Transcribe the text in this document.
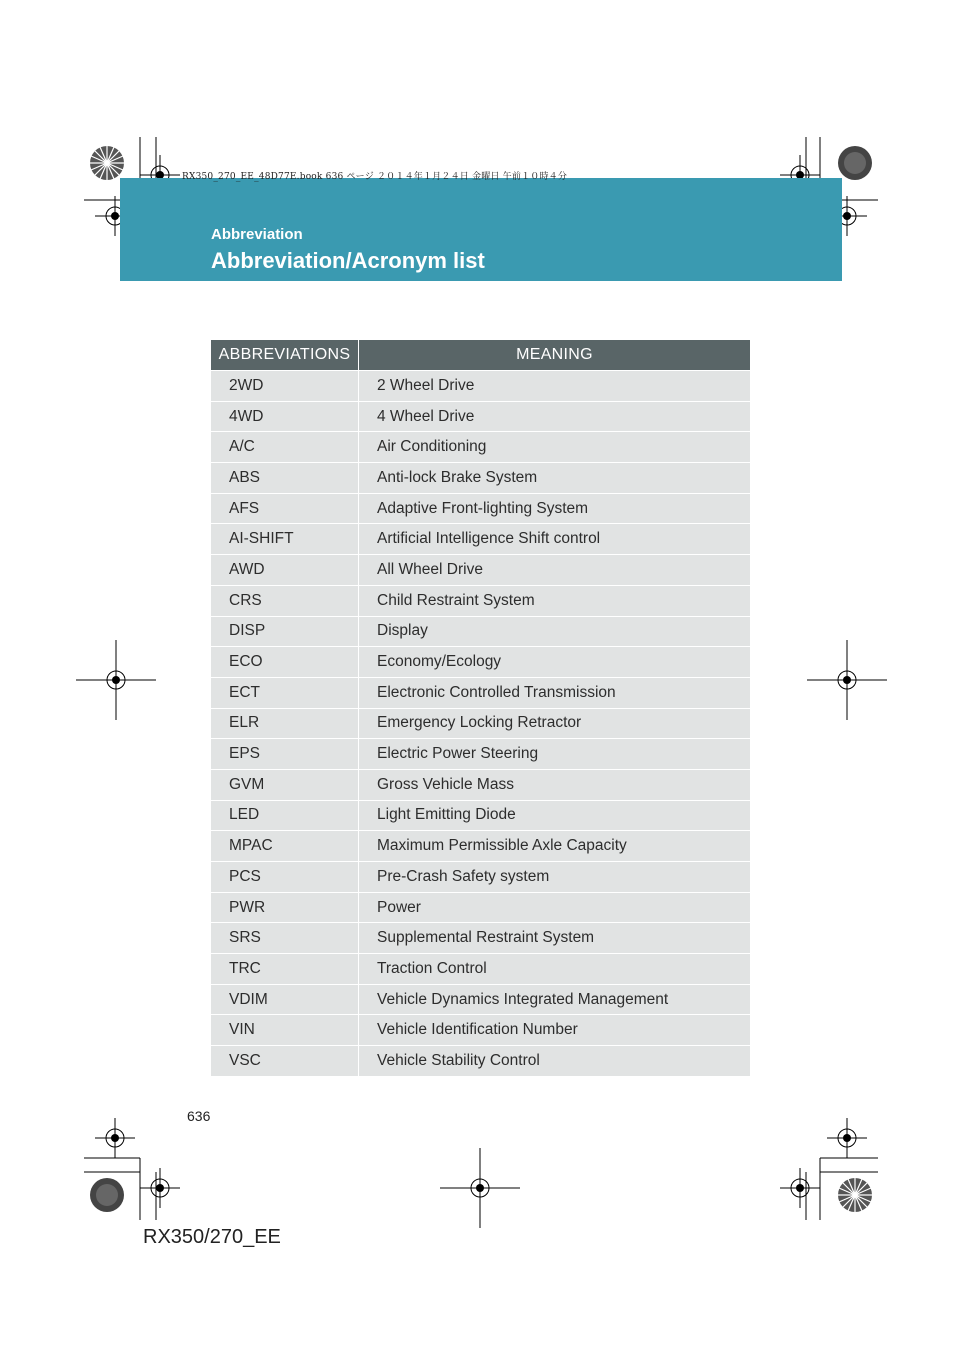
RX350_270_EE_48D77E.book 636 ページ ２０１４年１月２４日 金曜日 午前１０時４分
Abbreviation
Abbreviation/Acronym list
ABBREVIATIONS	MEANING
2WD	2 Wheel Drive
4WD	4 Wheel Drive
A/C	Air Conditioning
ABS	Anti-lock Brake System
AFS	Adaptive Front-lighting System
AI-SHIFT	Artificial Intelligence Shift control
AWD	All Wheel Drive
CRS	Child Restraint System
DISP	Display
ECO	Economy/Ecology
ECT	Electronic Controlled Transmission
ELR	Emergency Locking Retractor
EPS	Electric Power Steering
GVM	Gross Vehicle Mass
LED	Light Emitting Diode
MPAC	Maximum Permissible Axle Capacity
PCS	Pre-Crash Safety system
PWR	Power
SRS	Supplemental Restraint System
TRC	Traction Control
VDIM	Vehicle Dynamics Integrated Management
VIN	Vehicle Identification Number
VSC	Vehicle Stability Control
636
RX350/270_EE
